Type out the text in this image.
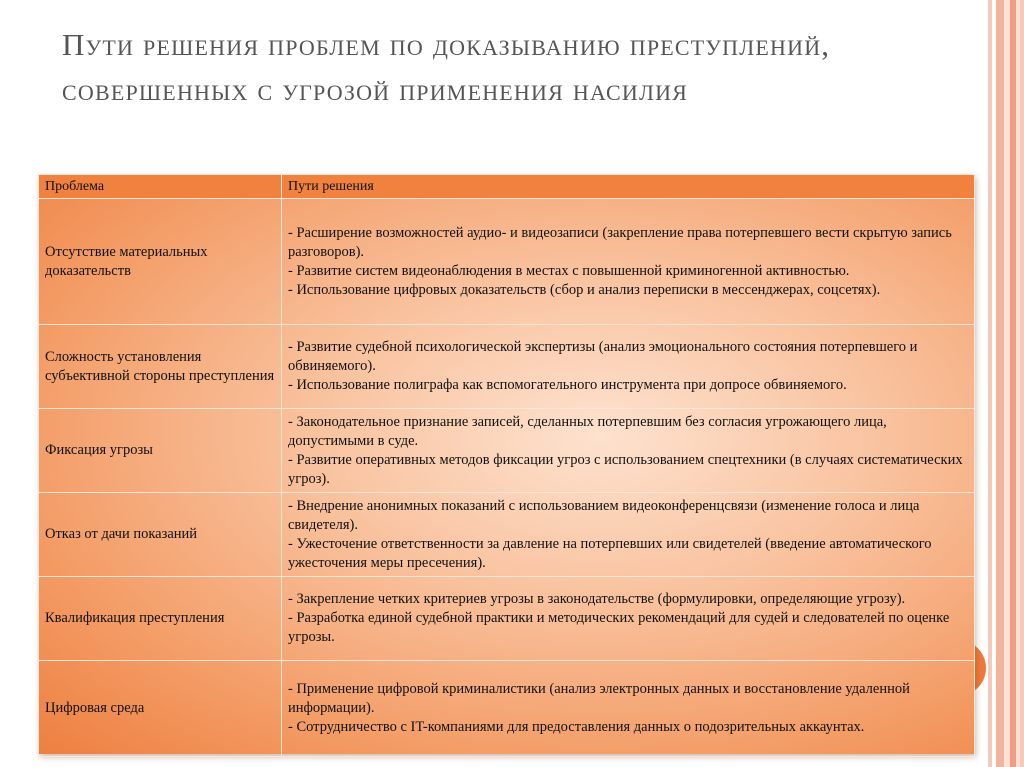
Пути решения проблем по доказыванию преступлений, совершенных с угрозой применения насилия
Проблема	Пути решения
Отсутствие материальных доказательств	- Расширение возможностей аудио- и видеозаписи (закрепление права потерпевшего вести скрытую запись разговоров).
- Развитие систем видеонаблюдения в местах с повышенной криминогенной активностью.
- Использование цифровых доказательств (сбор и анализ переписки в мессенджерах, соцсетях).

Сложность установления субъективной стороны преступления	- Развитие судебной психологической экспертизы (анализ эмоционального состояния потерпевшего и обвиняемого).
- Использование полиграфа как вспомогательного инструмента при допросе обвиняемого.

Фиксация угрозы	- Законодательное признание записей, сделанных потерпевшим без согласия угрожающего лица, допустимыми в суде.
- Развитие оперативных методов фиксации угроз с использованием спецтехники (в случаях систематических угроз).

Отказ от дачи показаний	- Внедрение анонимных показаний с использованием видеоконференцсвязи (изменение голоса и лица свидетеля).
- Ужесточение ответственности за давление на потерпевших или свидетелей (введение автоматического ужесточения меры пресечения).

Квалификация преступления	- Закрепление четких критериев угрозы в законодательстве (формулировки, определяющие угрозу).
- Разработка единой судебной практики и методических рекомендаций для судей и следователей по оценке угрозы.

Цифровая среда	- Применение цифровой криминалистики (анализ электронных данных и восстановление удаленной информации).
- Сотрудничество с IT-компаниями для предоставления данных о подозрительных аккаунтах.
